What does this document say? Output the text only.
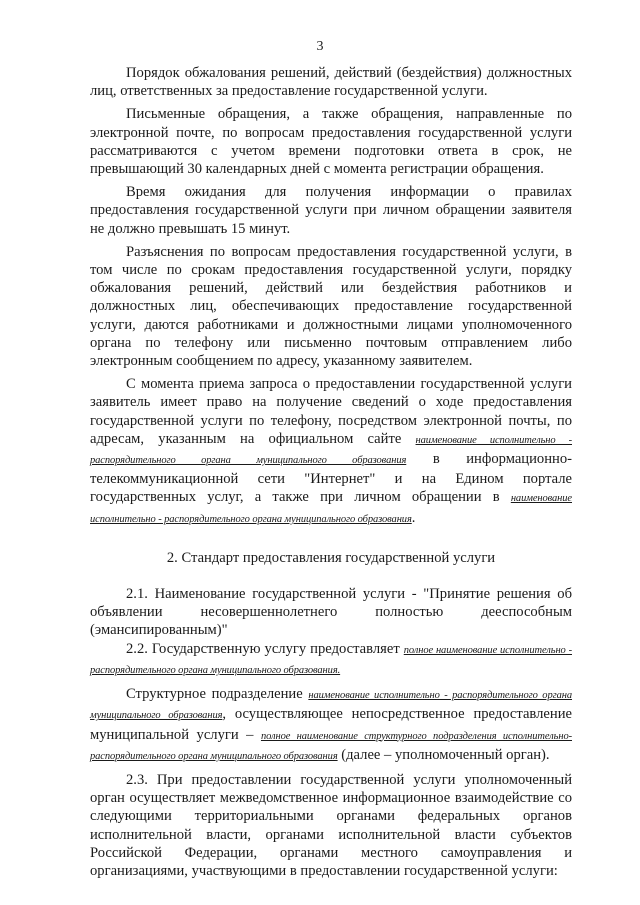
3

Порядок обжалования решений, действий (бездействия) должностных лиц, ответственных за предоставление государственной услуги.

Письменные обращения, а также обращения, направленные по электронной почте, по вопросам предоставления государственной услуги рассматриваются с учетом времени подготовки ответа в срок, не превышающий 30 календарных дней с момента регистрации обращения.

Время ожидания для получения информации о правилах предоставления государственной услуги при личном обращении заявителя не должно превышать 15 минут.

Разъяснения по вопросам предоставления государственной услуги, в том числе по срокам предоставления государственной услуги, порядку обжалования решений, действий или бездействия работников и должностных лиц, обеспечивающих предоставление государственной услуги, даются работниками и должностными лицами уполномоченного органа по телефону или письменно почтовым отправлением либо электронным сообщением по адресу, указанному заявителем.

С момента приема запроса о предоставлении государственной услуги заявитель имеет право на получение сведений о ходе предоставления государственной услуги по телефону, посредством электронной почты, по адресам, указанным на официальном сайте наименование исполнительно - распорядительного органа муниципального образования в информационно-телекоммуникационной сети "Интернет" и на Едином портале государственных услуг, а также при личном обращении в наименование исполнительно - распорядительного органа муниципального образования.

2. Стандарт предоставления государственной услуги

2.1. Наименование государственной услуги - "Принятие решения об объявлении несовершеннолетнего полностью дееспособным (эмансипированным)"

2.2. Государственную услугу предоставляет полное наименование исполнительно - распорядительного органа муниципального образования.

Структурное подразделение наименование исполнительно - распорядительного органа муниципального образования, осуществляющее непосредственное предоставление муниципальной услуги – полное наименование структурного подразделения исполнительно-распорядительного органа муниципального образования (далее – уполномоченный орган).

2.3. При предоставлении государственной услуги уполномоченный орган осуществляет межведомственное информационное взаимодействие со следующими территориальными органами федеральных органов исполнительной власти, органами исполнительной власти субъектов Российской Федерации, органами местного самоуправления и организациями, участвующими в предоставлении государственной услуги:
